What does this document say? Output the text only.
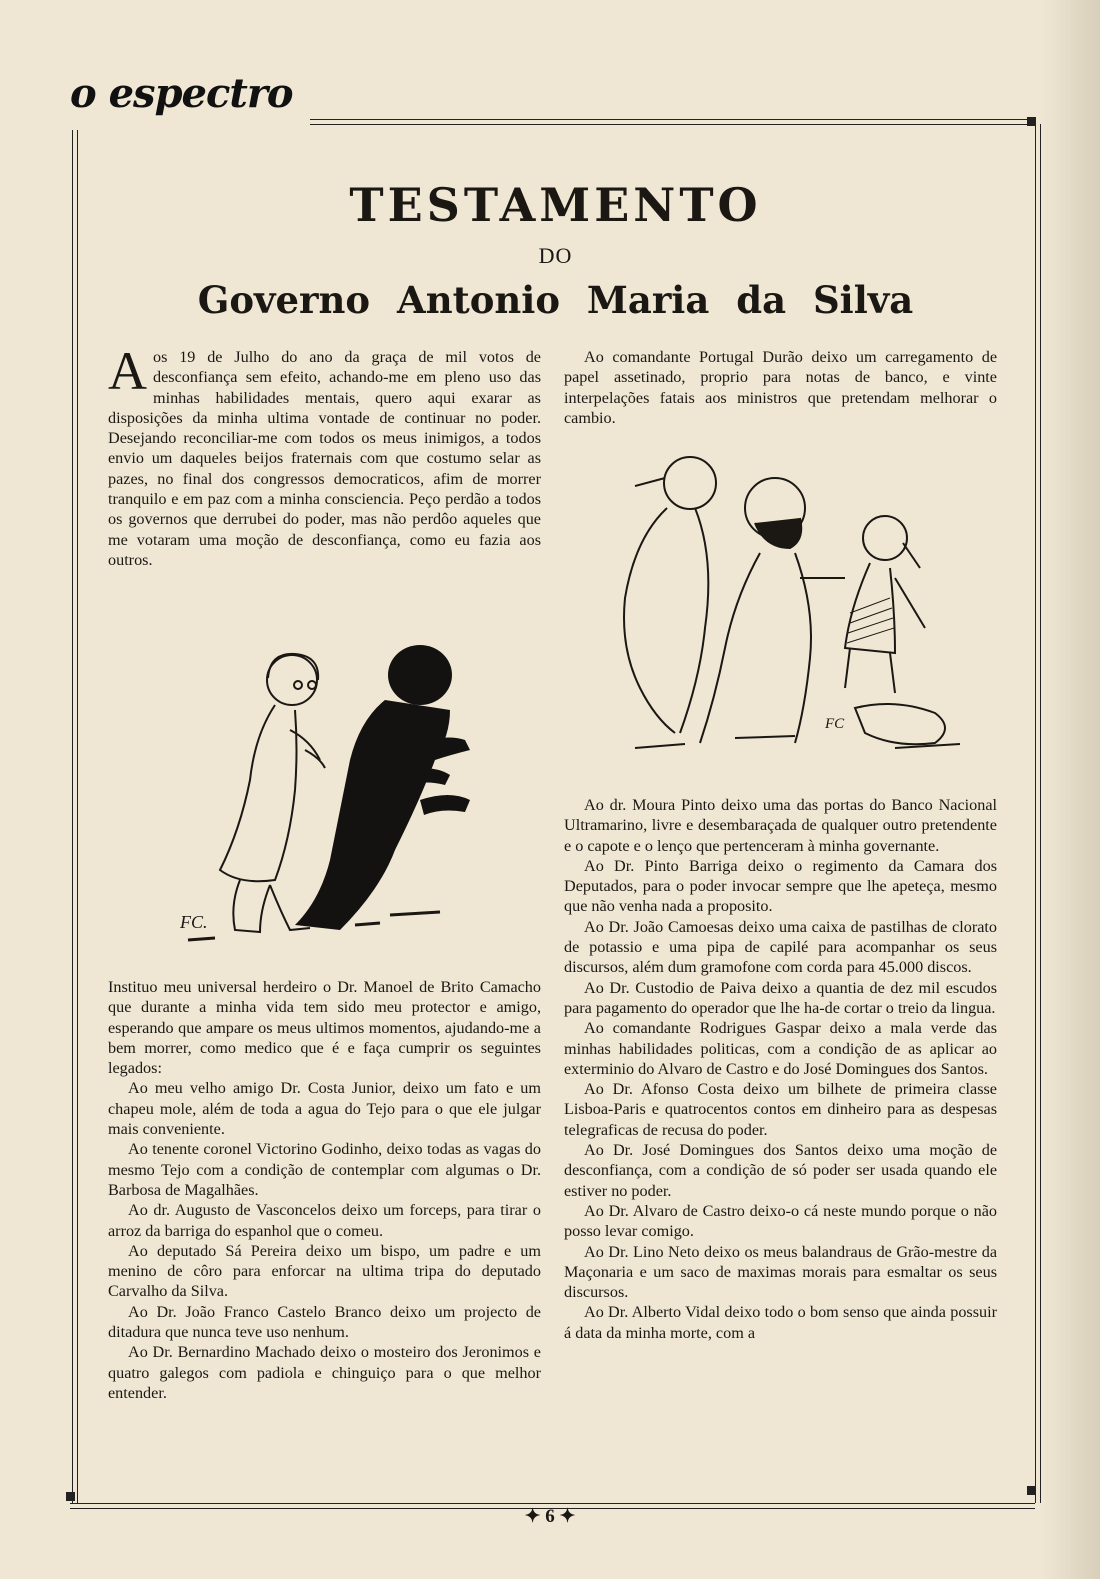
o espectro
TESTAMENTO
DO
Governo Antonio Maria da Silva

Aos 19 de Julho do ano da graça de mil votos de desconfiança sem efeito, achando-me em pleno uso das minhas habilidades mentais, quero aqui exarar as disposições da minha ultima vontade de continuar no poder. Desejando reconciliar-me com todos os meus inimigos, a todos envio um daqueles beijos fraternais com que costumo selar as pazes, no final dos congressos democraticos, afim de morrer tranquilo e em paz com a minha consciencia. Peço perdão a todos os governos que derrubei do poder, mas não perdôo aqueles que me votaram uma moção de desconfiança, como eu fazia aos outros.

FC.

Instituo meu universal herdeiro o Dr. Manoel de Brito Camacho que durante a minha vida tem sido meu protector e amigo, esperando que ampare os meus ultimos momentos, ajudando-me a bem morrer, como medico que é e faça cumprir os seguintes legados:

Ao meu velho amigo Dr. Costa Junior, deixo um fato e um chapeu mole, além de toda a agua do Tejo para o que ele julgar mais conveniente.

Ao tenente coronel Victorino Godinho, deixo todas as vagas do mesmo Tejo com a condição de contemplar com algumas o Dr. Barbosa de Magalhães.

Ao dr. Augusto de Vasconcelos deixo um forceps, para tirar o arroz da barriga do espanhol que o comeu.

Ao deputado Sá Pereira deixo um bispo, um padre e um menino de côro para enforcar na ultima tripa do deputado Carvalho da Silva.

Ao Dr. João Franco Castelo Branco deixo um projecto de ditadura que nunca teve uso nenhum.

Ao Dr. Bernardino Machado deixo o mosteiro dos Jeronimos e quatro galegos com padiola e chinguiço para o que melhor entender.

Ao comandante Portugal Durão deixo um carregamento de papel assetinado, proprio para notas de banco, e vinte interpelações fatais aos ministros que pretendam melhorar o cambio.

FC

Ao dr. Moura Pinto deixo uma das portas do Banco Nacional Ultramarino, livre e desembaraçada de qualquer outro pretendente e o capote e o lenço que pertenceram à minha governante.

Ao Dr. Pinto Barriga deixo o regimento da Camara dos Deputados, para o poder invocar sempre que lhe apeteça, mesmo que não venha nada a proposito.

Ao Dr. João Camoesas deixo uma caixa de pastilhas de clorato de potassio e uma pipa de capilé para acompanhar os seus discursos, além dum gramofone com corda para 45.000 discos.

Ao Dr. Custodio de Paiva deixo a quantia de dez mil escudos para pagamento do operador que lhe ha-de cortar o treio da lingua.

Ao comandante Rodrigues Gaspar deixo a mala verde das minhas habilidades politicas, com a condição de as aplicar ao exterminio do Alvaro de Castro e do José Domingues dos Santos.

Ao Dr. Afonso Costa deixo um bilhete de primeira classe Lisboa-Paris e quatrocentos contos em dinheiro para as despesas telegraficas de recusa do poder.

Ao Dr. José Domingues dos Santos deixo uma moção de desconfiança, com a condição de só poder ser usada quando ele estiver no poder.

Ao Dr. Alvaro de Castro deixo-o cá neste mundo porque o não posso levar comigo.

Ao Dr. Lino Neto deixo os meus balandraus de Grão-mestre da Maçonaria e um saco de maximas morais para esmaltar os seus discursos.

Ao Dr. Alberto Vidal deixo todo o bom senso que ainda possuir á data da minha morte, com a

✦ 6 ✦
